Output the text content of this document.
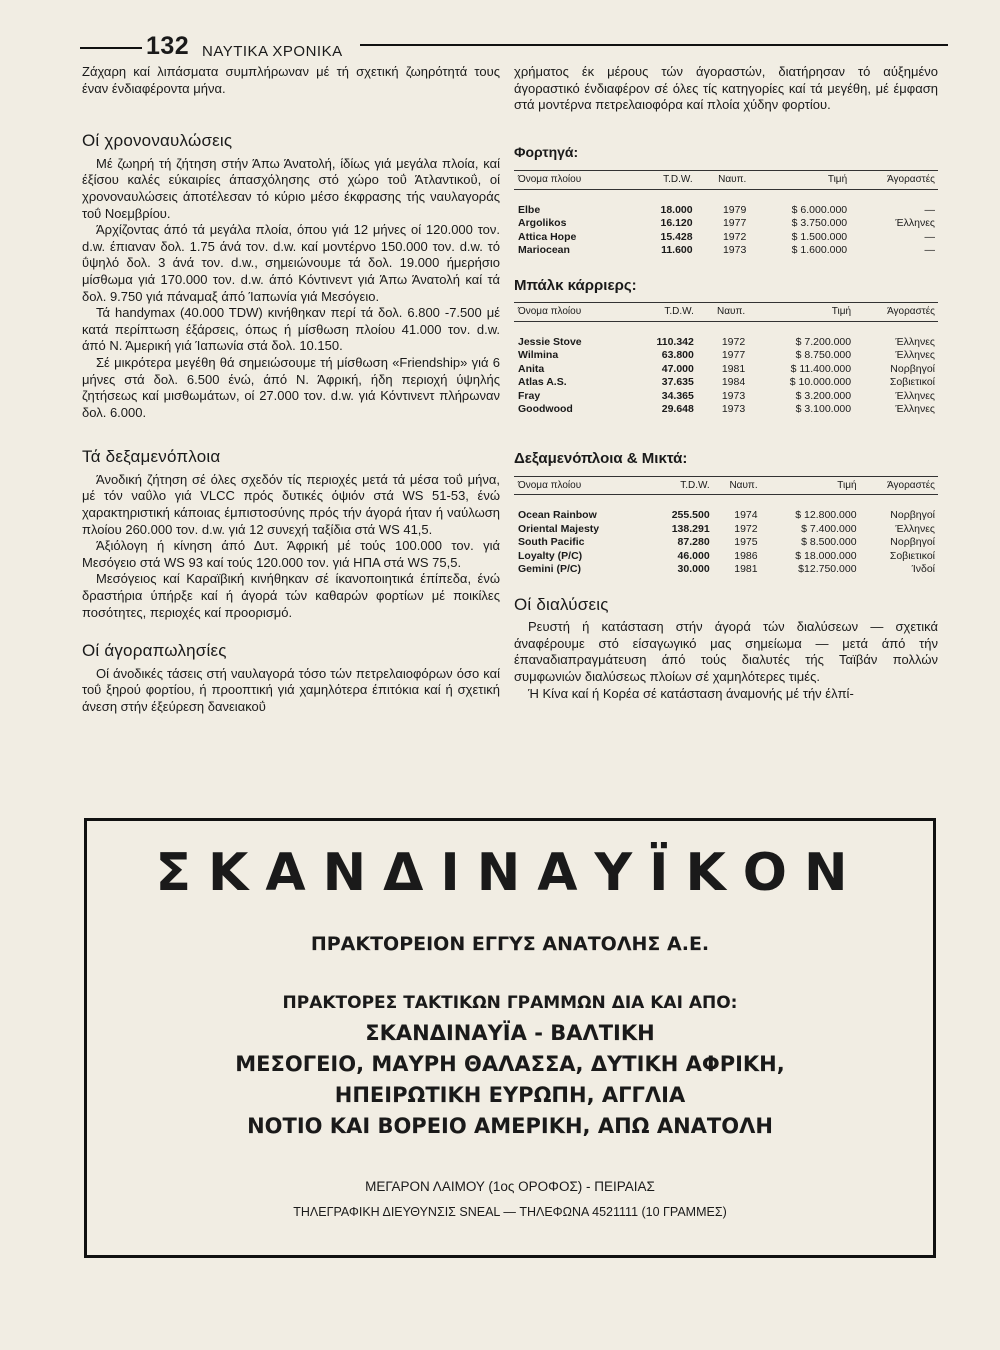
132 ΝΑΥΤΙΚΑ ΧΡΟΝΙΚΑ

Ζάχαρη καί λιπάσματα συμπλήρωναν μέ τή σχετική ζωηρότητά τους έναν ένδιαφέροντα μήνα.

Οί χρονοναυλώσεις

Μέ ζωηρή τή ζήτηση στήν Άπω Άνατολή, ίδίως γιά μεγάλα πλοία, καί έξίσου καλές εύκαιρίες άπασχόλησης στό χώρο τοΰ Άτλαντικοΰ, οί χρονοναυλώσεις άποτέλεσαν τό κύριο μέσο έκφρασης τής ναυλαγοράς τοΰ Νοεμβρίου.

Άρχίζοντας άπό τά μεγάλα πλοία, όπου γιά 12 μήνες οί 120.000 τον. d.w. έπιαναν δολ. 1.75 άνά τον. d.w. καί μοντέρνο 150.000 τον. d.w. τό ΰψηλό δολ. 3 άνά τον. d.w., σημειώνουμε τά δολ. 19.000 ήμερήσιο μίσθωμα γιά 170.000 τον. d.w. άπό Κόντινεντ γιά Άπω Άνατολή καί τά δολ. 9.750 γιά πάναμαξ άπό Ίαπωνία γιά Μεσόγειο.

Τά handymax (40.000 TDW) κινήθηκαν περί τά δολ. 6.800 -7.500 μέ κατά περίπτωση έξάρσεις, όπως ή μίσθωση πλοίου 41.000 τον. d.w. άπό Ν. Άμερική γιά Ίαπωνία στά δολ. 10.150.

Σέ μικρότερα μεγέθη θά σημειώσουμε τή μίσθωση «Friendship» γιά 6 μήνες στά δολ. 6.500 ένώ, άπό Ν. Άφρική, ήδη περιοχή ύψηλής ζητήσεως καί μισθωμάτων, οί 27.000 τον. d.w. γιά Κόντινεντ πλήρωναν δολ. 6.000.

Τά δεξαμενόπλοια

Άνοδική ζήτηση σέ όλες σχεδόν τίς περιοχές μετά τά μέσα τοΰ μήνα, μέ τόν ναΰλο γιά VLCC πρός δυτικές όψιόν στά WS 51-53, ένώ χαρακτηριστική κάποιας έμπιστοσύνης πρός τήν άγορά ήταν ή ναύλωση πλοίου 260.000 τον. d.w. γιά 12 συνεχή ταξίδια στά WS 41,5.

Άξιόλογη ή κίνηση άπό Δυτ. Άφρική μέ τούς 100.000 τον. γιά Μεσόγειο στά WS 93 καί τούς 120.000 τον. γιά ΗΠΑ στά WS 75,5.

Μεσόγειος καί Καραϊβική κινήθηκαν σέ ίκανοποιητικά έπίπεδα, ένώ δραστήρια ύπήρξε καί ή άγορά τών καθαρών φορτίων μέ ποικίλες ποσότητες, περιοχές καί προορισμό.

Οί άγοραπωλησίες

Οί άνοδικές τάσεις στή ναυλαγορά τόσο τών πετρελαιοφόρων όσο καί τοΰ ξηρού φορτίου, ή προοπτική γιά χαμηλότερα έπιτόκια καί ή σχετική άνεση στήν έξεύρεση δανειακοΰ

χρήματος έκ μέρους τών άγοραστών, διατήρησαν τό αύξημένο άγοραστικό ένδιαφέρον σέ όλες τίς κατηγορίες καί τά μεγέθη, μέ έμφαση στά μοντέρνα πετρελαιοφόρα καί πλοία χύδην φορτίου.

Φορτηγά:
Όνομα πλοίου	T.D.W.	Ναυπ.	Τιμή	Άγοραστές

Elbe	18.000	1979	$ 6.000.000	—
Argolikos	16.120	1977	$ 3.750.000	Έλληνες
Attica Hope	15.428	1972	$ 1.500.000	—
Mariocean	11.600	1973	$ 1.600.000	—
Μπάλκ κάρριερς:
Όνομα πλοίου	T.D.W.	Ναυπ.	Τιμή	Άγοραστές

Jessie Stove	110.342	1972	$ 7.200.000	Έλληνες
Wilmina	63.800	1977	$ 8.750.000	Έλληνες
Anita	47.000	1981	$ 11.400.000	Νορβηγοί
Atlas A.S.	37.635	1984	$ 10.000.000	Σοβιετικοί
Fray	34.365	1973	$ 3.200.000	Έλληνες
Goodwood	29.648	1973	$ 3.100.000	Έλληνες
Δεξαμενόπλοια & Μικτά:
Όνομα πλοίου	T.D.W.	Ναυπ.	Τιμή	Άγοραστές

Ocean Rainbow	255.500	1974	$ 12.800.000	Νορβηγοί
Oriental Majesty	138.291	1972	$ 7.400.000	Έλληνες
South Pacific	87.280	1975	$ 8.500.000	Νορβηγοί
Loyalty (P/C)	46.000	1986	$ 18.000.000	Σοβιετικοί
Gemini (P/C)	30.000	1981	$12.750.000	Ίνδοί
Οί διαλύσεις

Ρευστή ή κατάσταση στήν άγορά τών διαλύσεων — σχετικά άναφέρουμε στό είσαγωγικό μας σημείωμα — μετά άπό τήν έπαναδιαπραγμάτευση άπό τούς διαλυτές τής Ταϊβάν πολλών συμφωνιών διαλύσεως πλοίων σέ χαμηλότερες τιμές.

Ή Κίνα καί ή Κορέα σέ κατάσταση άναμονής μέ τήν έλπί-

ΣΚΑΝΔΙΝΑΥΪΚΟΝ
ΠΡΑΚΤΟΡΕΙΟΝ ΕΓΓΥΣ ΑΝΑΤΟΛΗΣ Α.Ε.
ΠΡΑΚΤΟΡΕΣ ΤΑΚΤΙΚΩΝ ΓΡΑΜΜΩΝ ΔΙΑ ΚΑΙ ΑΠΟ:
ΣΚΑΝΔΙΝΑΥΪΑ - ΒΑΛΤΙΚΗ
ΜΕΣΟΓΕΙΟ, ΜΑΥΡΗ ΘΑΛΑΣΣΑ, ΔΥΤΙΚΗ ΑΦΡΙΚΗ,
ΗΠΕΙΡΩΤΙΚΗ ΕΥΡΩΠΗ, ΑΓΓΛΙΑ
ΝΟΤΙΟ ΚΑΙ ΒΟΡΕΙΟ ΑΜΕΡΙΚΗ, ΑΠΩ ΑΝΑΤΟΛΗ
ΜΕΓΑΡΟΝ ΛΑΙΜΟΥ (1ος ΟΡΟΦΟΣ) - ΠΕΙΡΑΙΑΣ
ΤΗΛΕΓΡΑΦΙΚΗ ΔΙΕΥΘΥΝΣΙΣ SNEAL — ΤΗΛΕΦΩΝΑ 4521111 (10 ΓΡΑΜΜΕΣ)
